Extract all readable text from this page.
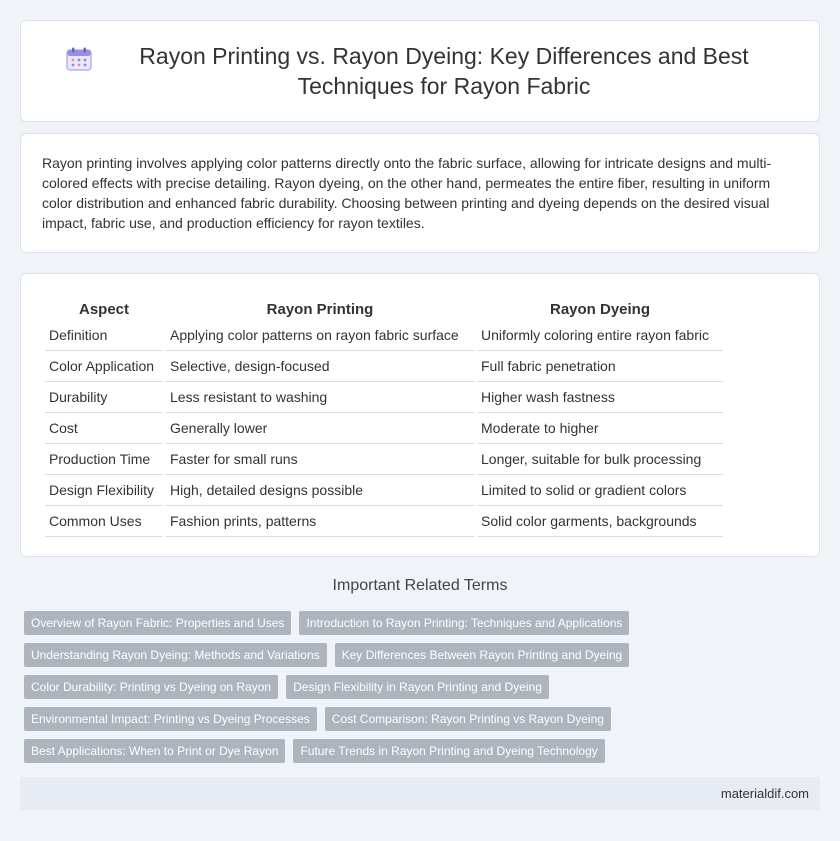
Rayon Printing vs. Rayon Dyeing: Key Differences and Best Techniques for Rayon Fabric

Rayon printing involves applying color patterns directly onto the fabric surface, allowing for intricate designs and multi-colored effects with precise detailing. Rayon dyeing, on the other hand, permeates the entire fiber, resulting in uniform color distribution and enhanced fabric durability. Choosing between printing and dyeing depends on the desired visual impact, fabric use, and production efficiency for rayon textiles.

Aspect	Rayon Printing	Rayon Dyeing
Definition	Applying color patterns on rayon fabric surface	Uniformly coloring entire rayon fabric
Color Application	Selective, design-focused	Full fabric penetration
Durability	Less resistant to washing	Higher wash fastness
Cost	Generally lower	Moderate to higher
Production Time	Faster for small runs	Longer, suitable for bulk processing
Design Flexibility	High, detailed designs possible	Limited to solid or gradient colors
Common Uses	Fashion prints, patterns	Solid color garments, backgrounds
Important Related Terms
Overview of Rayon Fabric: Properties and Uses	Introduction to Rayon Printing: Techniques and Applications
Understanding Rayon Dyeing: Methods and Variations	Key Differences Between Rayon Printing and Dyeing
Color Durability: Printing vs Dyeing on Rayon	Design Flexibility in Rayon Printing and Dyeing
Environmental Impact: Printing vs Dyeing Processes	Cost Comparison: Rayon Printing vs Rayon Dyeing
Best Applications: When to Print or Dye Rayon	Future Trends in Rayon Printing and Dyeing Technology
materialdif.com
